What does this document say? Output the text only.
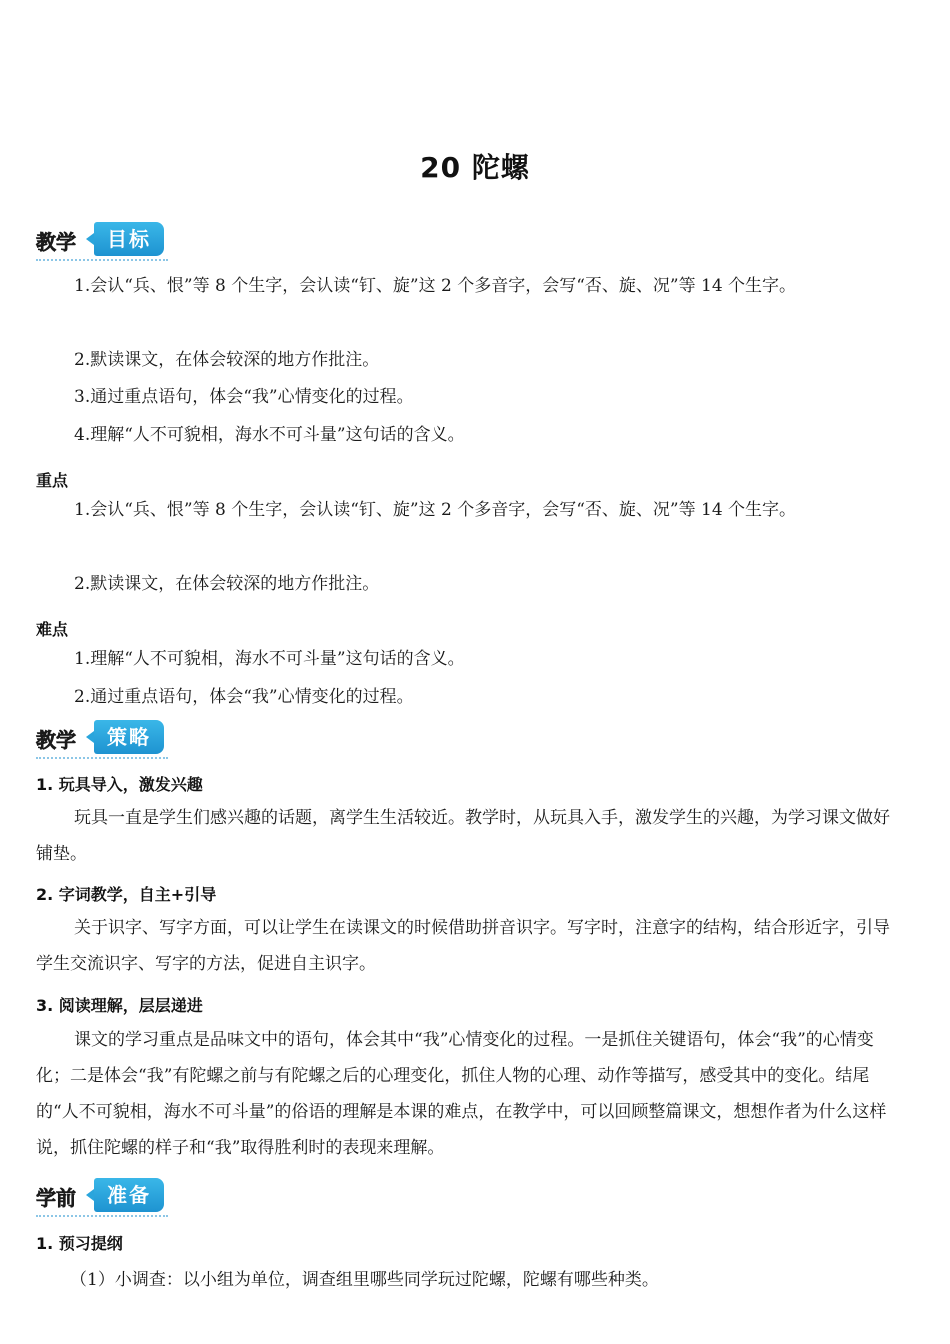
20 陀螺
教学	目标
1.会认“兵、恨”等 8 个生字，会认读“钉、旋”这 2 个多音字，会写“否、旋、况”等 14 个生字。
2.默读课文，在体会较深的地方作批注。
3.通过重点语句，体会“我”心情变化的过程。
4.理解“人不可貌相，海水不可斗量”这句话的含义。
重点
1.会认“兵、恨”等 8 个生字，会认读“钉、旋”这 2 个多音字，会写“否、旋、况”等 14 个生字。
2.默读课文，在体会较深的地方作批注。
难点
1.理解“人不可貌相，海水不可斗量”这句话的含义。
2.通过重点语句，体会“我”心情变化的过程。
教学	策略
1. 玩具导入，激发兴趣
玩具一直是学生们感兴趣的话题，离学生生活较近。教学时，从玩具入手，激发学生的兴趣，为学习课文做好铺垫。
2. 字词教学，自主+引导
关于识字、写字方面，可以让学生在读课文的时候借助拼音识字。写字时，注意字的结构，结合形近字，引导学生交流识字、写字的方法，促进自主识字。
3. 阅读理解，层层递进
课文的学习重点是品味文中的语句，体会其中“我”心情变化的过程。一是抓住关键语句，体会“我”的心情变化；二是体会“我”有陀螺之前与有陀螺之后的心理变化，抓住人物的心理、动作等描写，感受其中的变化。结尾的“人不可貌相，海水不可斗量”的俗语的理解是本课的难点，在教学中，可以回顾整篇课文，想想作者为什么这样说，抓住陀螺的样子和“我”取得胜利时的表现来理解。
学前	准备
1. 预习提纲
（1）小调查：以小组为单位，调查组里哪些同学玩过陀螺，陀螺有哪些种类。
